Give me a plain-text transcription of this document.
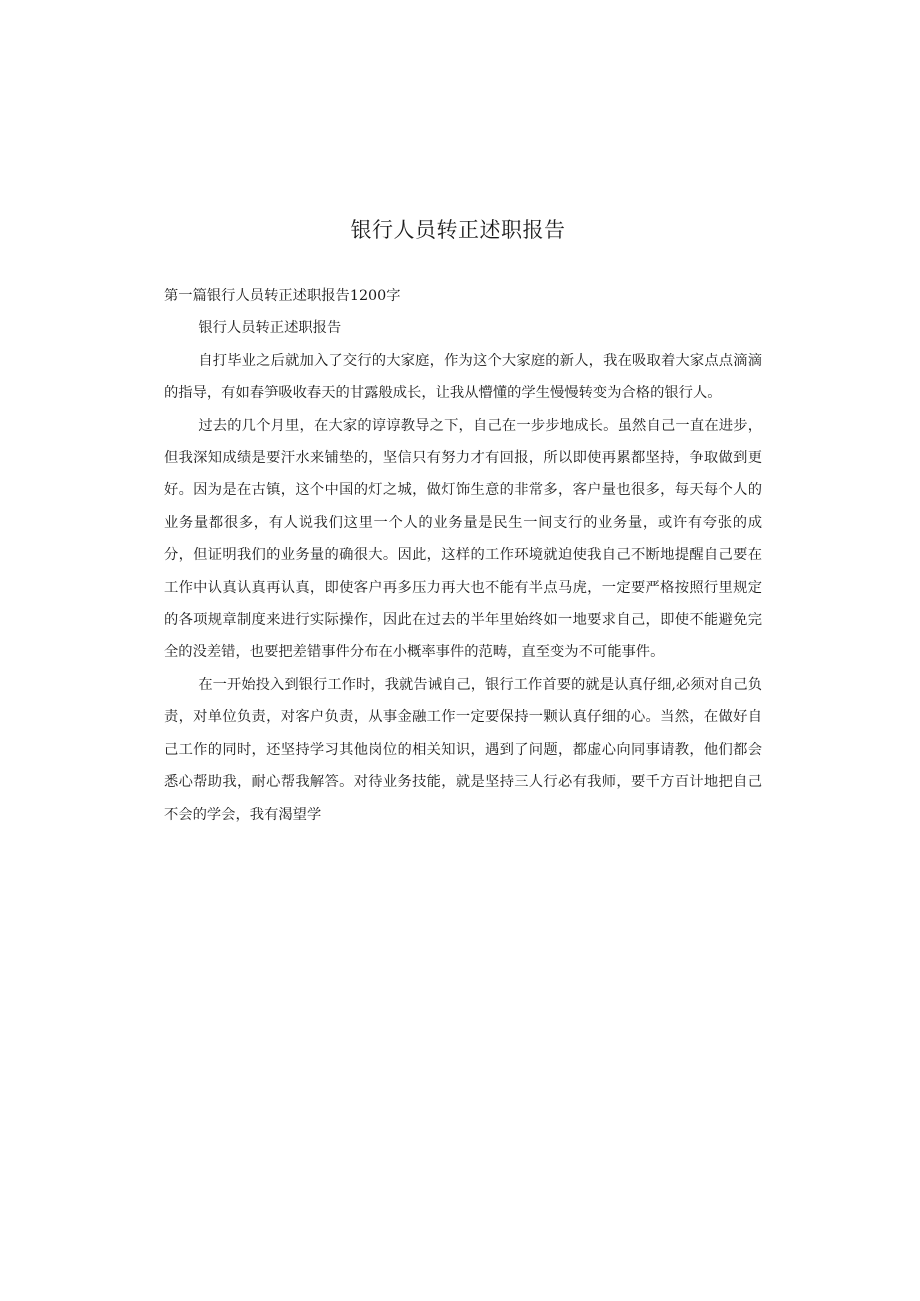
银行人员转正述职报告

第一篇银行人员转正述职报告1200字

银行人员转正述职报告

自打毕业之后就加入了交行的大家庭，作为这个大家庭的新人，我在吸取着大家点点滴滴的指导，有如春笋吸收春天的甘露般成长，让我从懵懂的学生慢慢转变为合格的银行人。

过去的几个月里，在大家的谆谆教导之下，自己在一步步地成长。虽然自己一直在进步，但我深知成绩是要汗水来铺垫的，坚信只有努力才有回报，所以即使再累都坚持，争取做到更好。因为是在古镇，这个中国的灯之城，做灯饰生意的非常多，客户量也很多，每天每个人的业务量都很多，有人说我们这里一个人的业务量是民生一间支行的业务量，或许有夸张的成分，但证明我们的业务量的确很大。因此，这样的工作环境就迫使我自己不断地提醒自己要在工作中认真认真再认真，即使客户再多压力再大也不能有半点马虎，一定要严格按照行里规定的各项规章制度来进行实际操作，因此在过去的半年里始终如一地要求自己，即使不能避免完全的没差错，也要把差错事件分布在小概率事件的范畴，直至变为不可能事件。

在一开始投入到银行工作时，我就告诫自己，银行工作首要的就是认真仔细,必须对自己负责，对单位负责，对客户负责，从事金融工作一定要保持一颗认真仔细的心。当然，在做好自己工作的同时，还坚持学习其他岗位的相关知识，遇到了问题，都虚心向同事请教，他们都会悉心帮助我，耐心帮我解答。对待业务技能，就是坚持三人行必有我师，要千方百计地把自己不会的学会，我有渴望学
